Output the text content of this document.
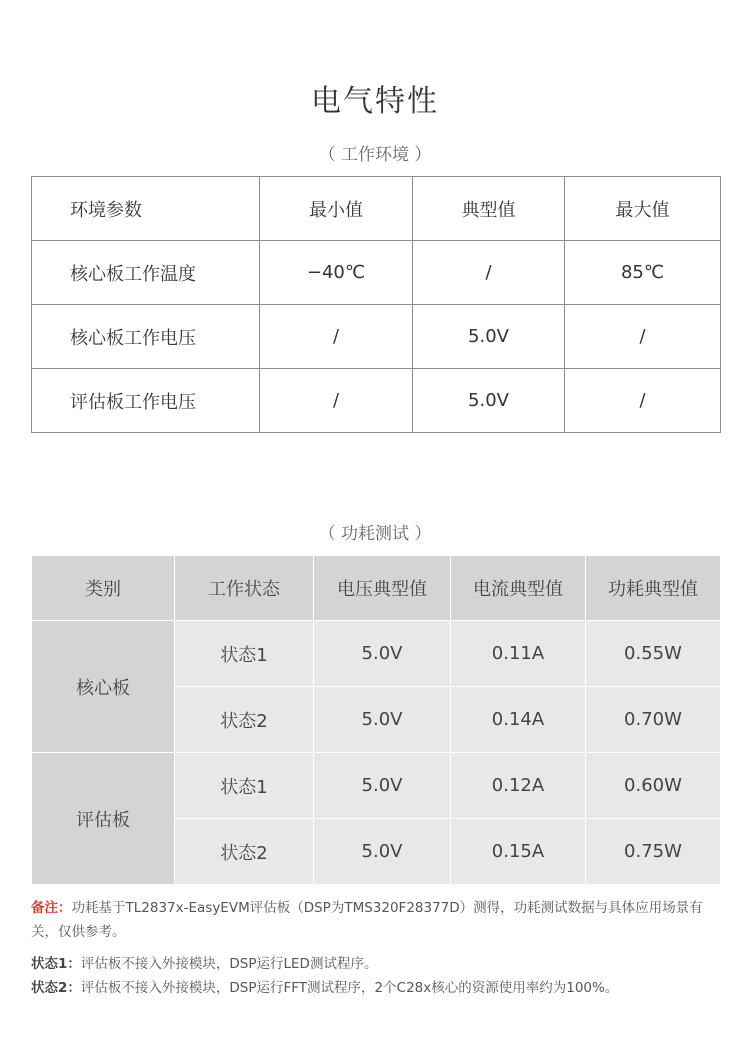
电气特性
（ 工作环境 ）
环境参数	最小值	典型值	最大值
核心板工作温度	−40℃	/	85℃
核心板工作电压	/	5.0V	/
评估板工作电压	/	5.0V	/
（ 功耗测试 ）
类别	工作状态	电压典型值	电流典型值	功耗典型值
核心板	状态1	5.0V	0.11A	0.55W
	状态2	5.0V	0.14A	0.70W
评估板	状态1	5.0V	0.12A	0.60W
	状态2	5.0V	0.15A	0.75W

备注：功耗基于TL2837x-EasyEVM评估板（DSP为TMS320F28377D）测得，功耗测试数据与具体应用场景有关，仅供参考。

状态1：评估板不接入外接模块，DSP运行LED测试程序。

状态2：评估板不接入外接模块，DSP运行FFT测试程序，2个C28x核心的资源使用率约为100%。
